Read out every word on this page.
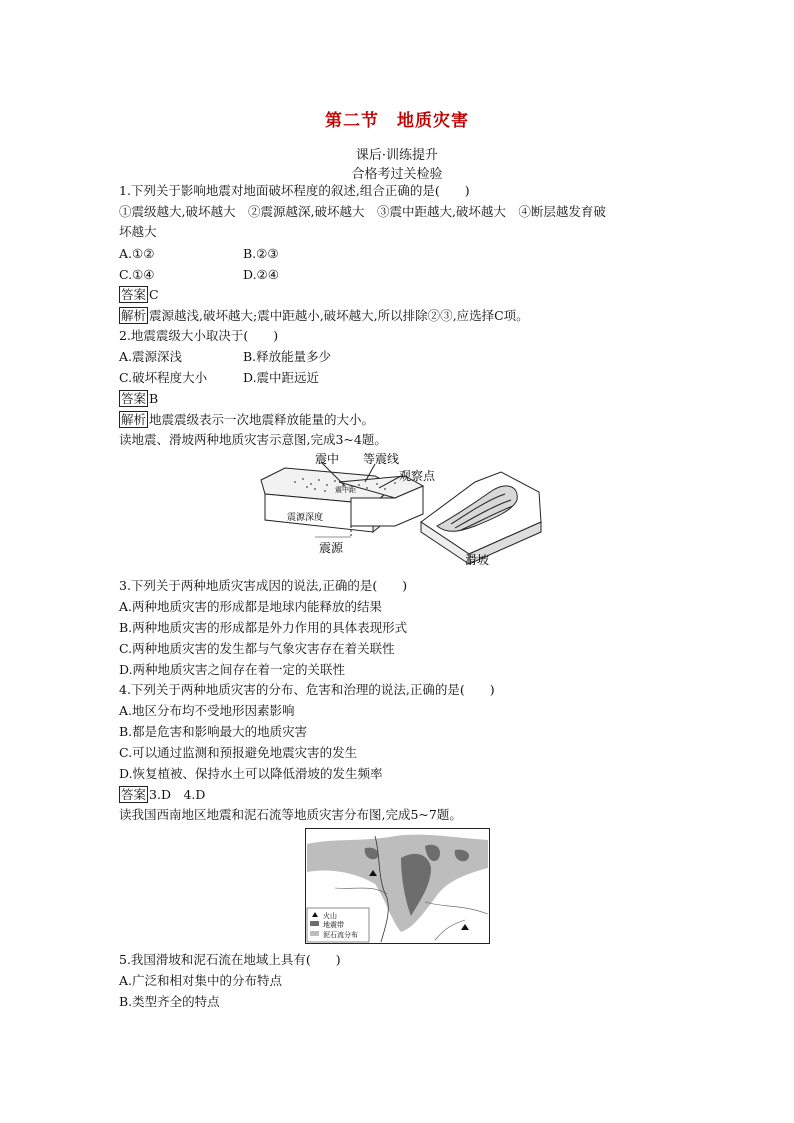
第二节　地质灾害
课后·训练提升
合格考过关检验
1.下列关于影响地震对地面破坏程度的叙述,组合正确的是(　　)
①震级越大,破坏越大　②震源越深,破坏越大　③震中距越大,破坏越大　④断层越发育破
坏越大
A.①②	B.②③
C.①④	D.②④
答案 C
解析 震源越浅,破坏越大;震中距越小,破坏越大,所以排除②③,应选择C项。
2.地震震级大小取决于(　　)
A.震源深浅	B.释放能量多少
C.破坏程度大小	D.震中距远近
答案 B
解析 地震震级表示一次地震释放能量的大小。
读地震、滑坡两种地质灾害示意图,完成3~4题。
震中 等震线
观察点
震中距
震源深度
震源
滑坡
3.下列关于两种地质灾害成因的说法,正确的是(　　)
A.两种地质灾害的形成都是地球内能释放的结果
B.两种地质灾害的形成都是外力作用的具体表现形式
C.两种地质灾害的发生都与气象灾害存在着关联性
D.两种地质灾害之间存在着一定的关联性
4.下列关于两种地质灾害的分布、危害和治理的说法,正确的是(　　)
A.地区分布均不受地形因素影响
B.都是危害和影响最大的地质灾害
C.可以通过监测和预报避免地震灾害的发生
D.恢复植被、保持水土可以降低滑坡的发生频率
答案 3.D　4.D
读我国西南地区地震和泥石流等地质灾害分布图,完成5~7题。
火山
地震带
泥石流分布
5.我国滑坡和泥石流在地域上具有(　　)
A.广泛和相对集中的分布特点
B.类型齐全的特点
